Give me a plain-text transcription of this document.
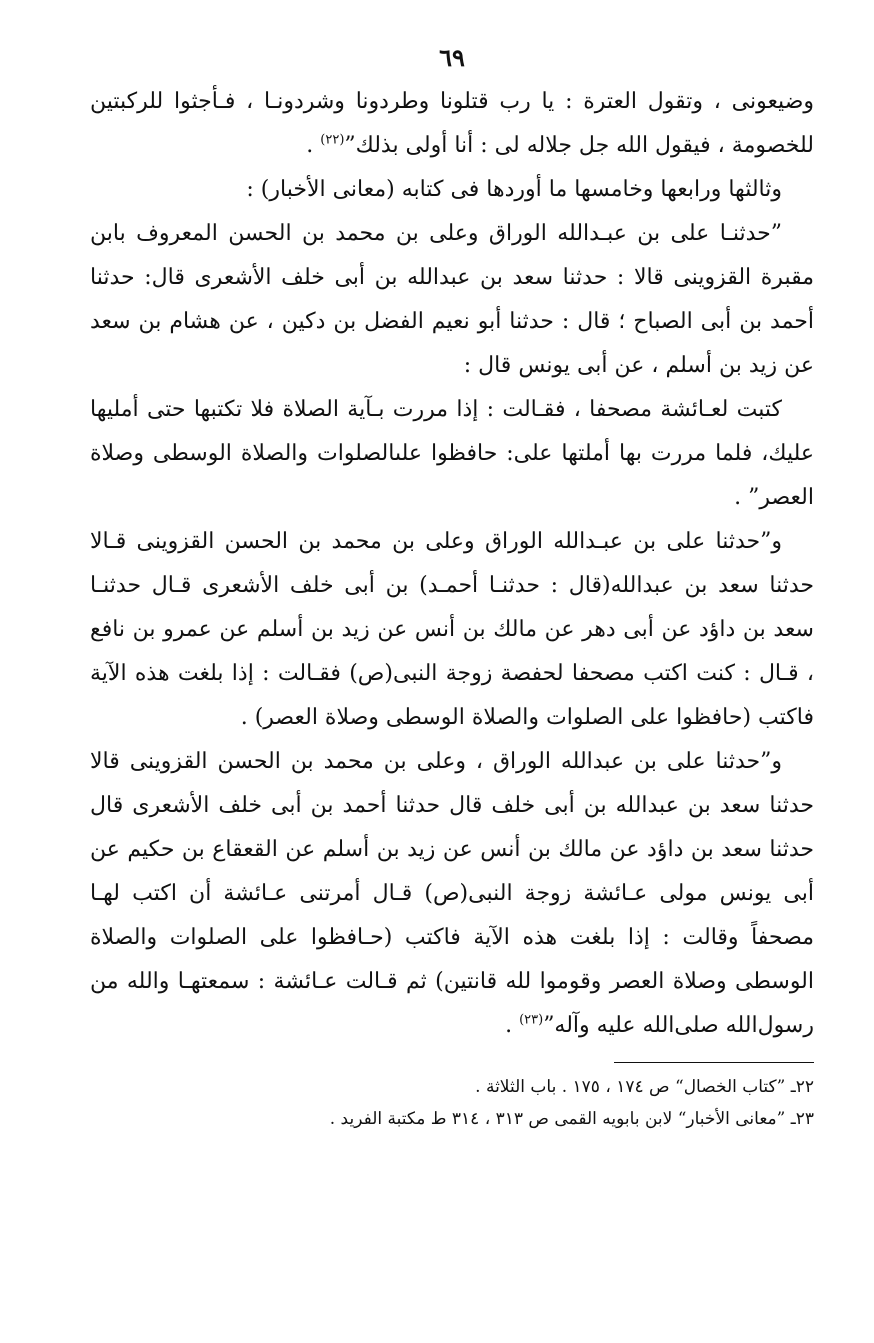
٦٩

وضيعونى ، وتقول العترة : يا رب قتلونا وطردونا وشردونـا ، فـأجثوا للركبتين للخصومة ، فيقول الله جل جلاله لى : أنا أولى بذلك”$^{(٢٢)}$ .

وثالثها ورابعها وخامسها ما أوردها فى كتابه (معانى الأخبار) :

”حدثنـا على بن عبـدالله الوراق وعلى بن محمد بن الحسن المعروف بابن مقبرة القزوينى قالا : حدثنا سعد بن عبدالله بن أبى خلف الأشعرى قال: حدثنا أحمد بن أبى الصباح ؛ قال : حدثنا أبو نعيم الفضل بن دكين ، عن هشام بن سعد عن زيد بن أسلم ، عن أبى يونس قال :

كتبت لعـائشة مصحفا ، فقـالت : إذا مررت بـآية الصلاة فلا تكتبها حتى أمليها عليك، فلما مررت بها أملتها على: حافظوا علىالصلوات والصلاة الوسطى وصلاة العصر” .

و”حدثنا على بن عبـدالله الوراق وعلى بن محمد بن الحسن القزوينى قـالا حدثنا سعد بن عبدالله(قال : حدثنـا أحمـد) بن أبى خلف الأشعرى قـال حدثنـا سعد بن داؤد عن أبى دهر عن مالك بن أنس عن زيد بن أسلم عن عمرو بن نافع ، قـال : كنت اكتب مصحفا لحفصة زوجة النبى(ص) فقـالت : إذا بلغت هذه الآية فاكتب (حافظوا على الصلوات والصلاة الوسطى وصلاة العصر) .

و”حدثنا على بن عبدالله الوراق ، وعلى بن محمد بن الحسن القزوينى قالا حدثنا سعد بن عبدالله بن أبى خلف قال حدثنا أحمد بن أبى خلف الأشعرى قال حدثنا سعد بن داؤد عن مالك بن أنس عن زيد بن أسلم عن القعقاع بن حكيم عن أبى يونس مولى عـائشة زوجة النبى(ص) قـال أمرتنى عـائشة أن اكتب لهـا مصحفاً وقالت : إذا بلغت هذه الآية فاكتب (حـافظوا على الصلوات والصلاة الوسطى وصلاة العصر وقوموا لله قانتين) ثم قـالت عـائشة : سمعتهـا والله من رسول‌الله صلى‌الله عليه وآله”$^{(٢٣)}$ .

٢٢ـ ”كتاب الخصال“ ص ١٧٤ ، ١٧٥ . باب الثلاثة .

٢٣ـ ”معانى الأخبار“ لابن بابويه القمى ص ٣١٣ ، ٣١٤ ط مكتبة الفريد .
